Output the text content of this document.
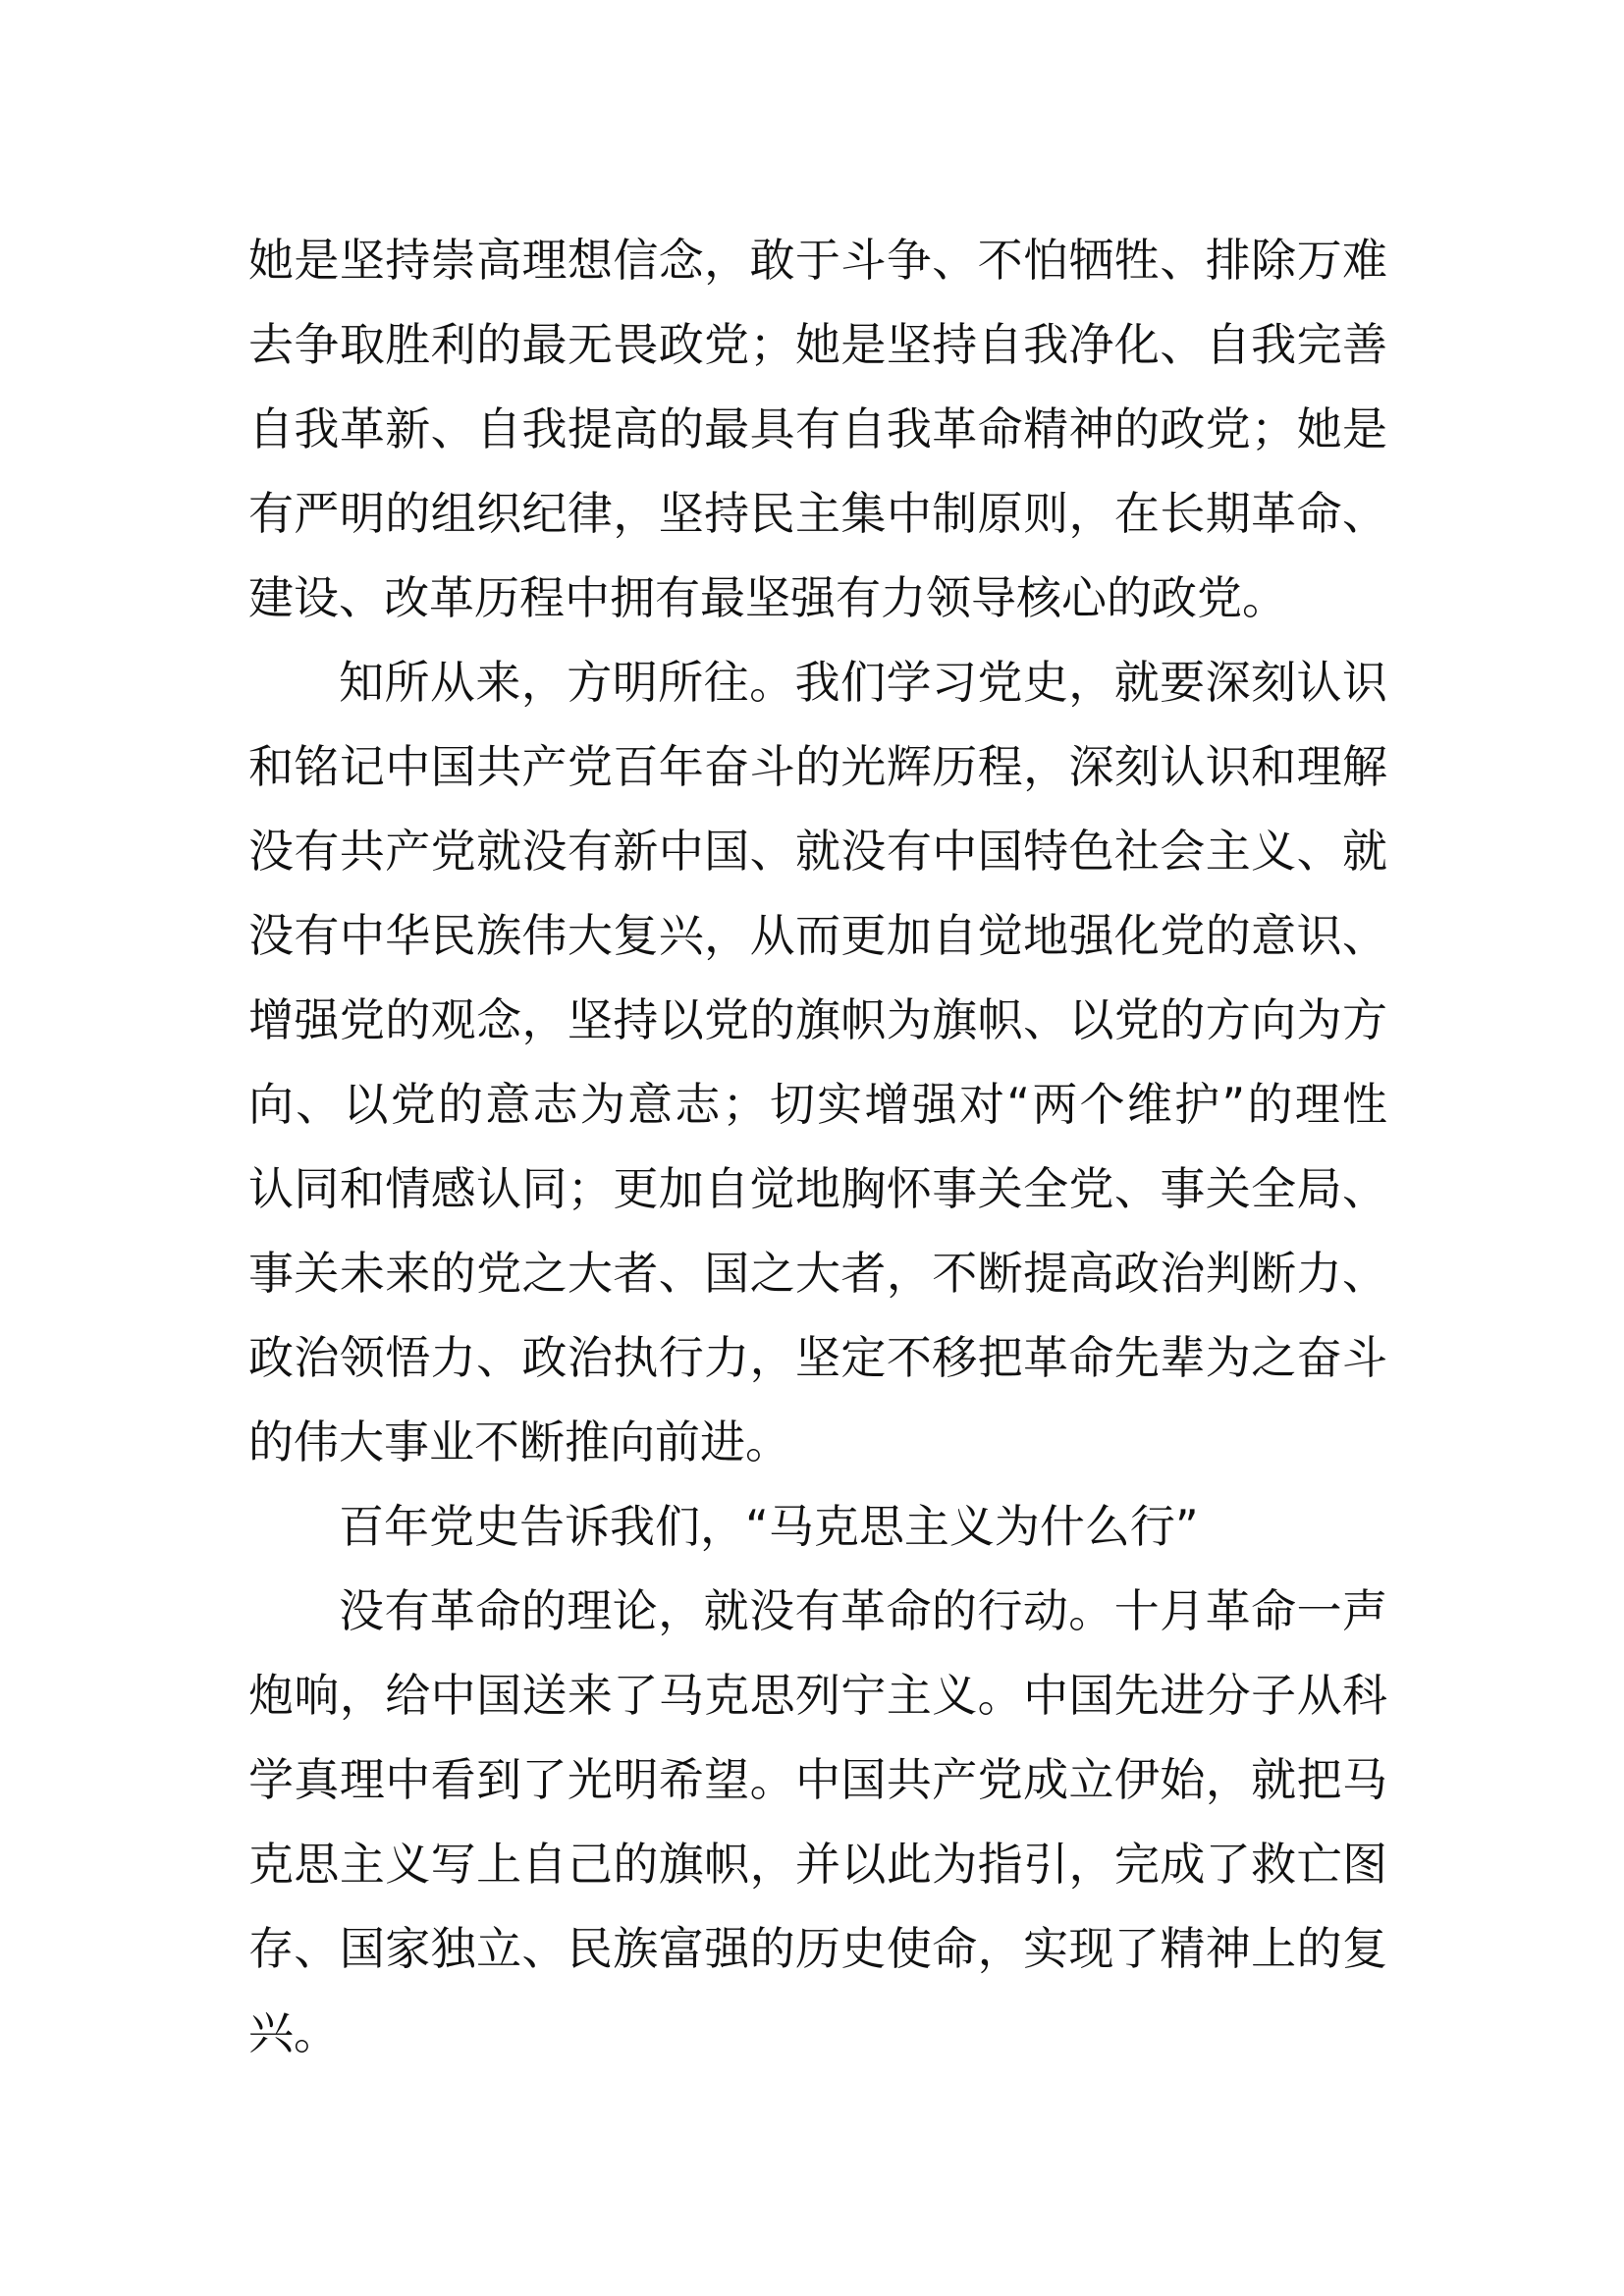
她是坚持崇高理想信念，敢于斗争、不怕牺牲、排除万难
去争取胜利的最无畏政党；她是坚持自我净化、自我完善
自我革新、自我提高的最具有自我革命精神的政党；她是
有严明的组织纪律，坚持民主集中制原则，在长期革命、
建设、改革历程中拥有最坚强有力领导核心的政党。
知所从来，方明所往。我们学习党史，就要深刻认识
和铭记中国共产党百年奋斗的光辉历程，深刻认识和理解
没有共产党就没有新中国、就没有中国特色社会主义、就
没有中华民族伟大复兴，从而更加自觉地强化党的意识、
增强党的观念，坚持以党的旗帜为旗帜、以党的方向为方
向、以党的意志为意志；切实增强对“两个维护”的理性
认同和情感认同；更加自觉地胸怀事关全党、事关全局、
事关未来的党之大者、国之大者，不断提高政治判断力、
政治领悟力、政治执行力，坚定不移把革命先辈为之奋斗
的伟大事业不断推向前进。
百年党史告诉我们，“马克思主义为什么行”
没有革命的理论，就没有革命的行动。十月革命一声
炮响，给中国送来了马克思列宁主义。中国先进分子从科
学真理中看到了光明希望。中国共产党成立伊始，就把马
克思主义写上自己的旗帜，并以此为指引，完成了救亡图
存、国家独立、民族富强的历史使命，实现了精神上的复
兴。
